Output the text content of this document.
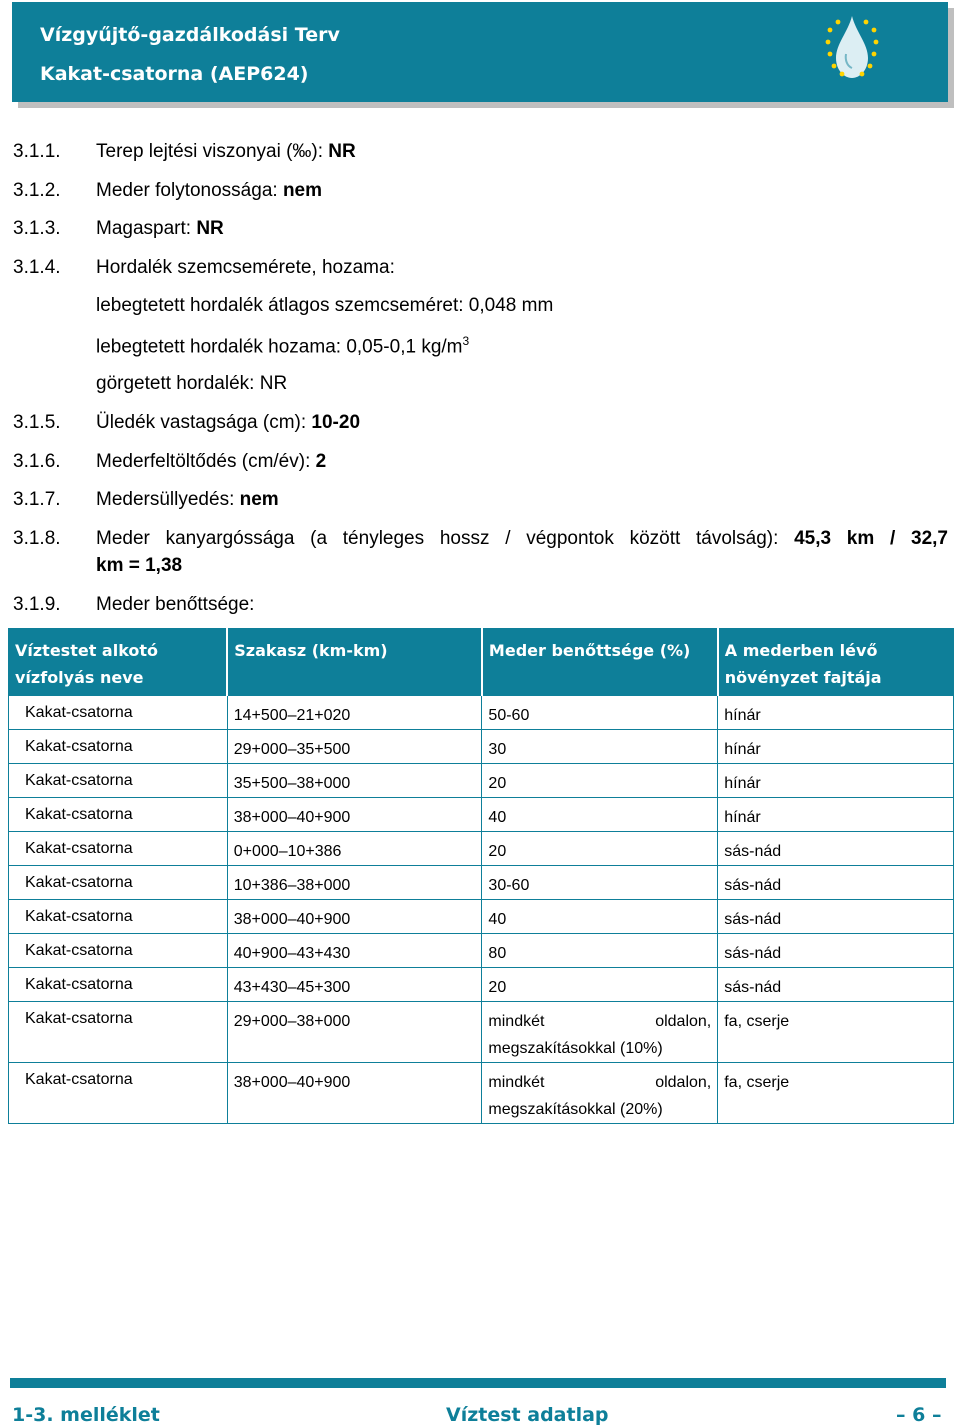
Vízgyűjtő-gazdálkodási Terv
Kakat-csatorna (AEP624)
3.1.1. Terep lejtési viszonyai (‰): NR
3.1.2. Meder folytonossága: nem
3.1.3. Magaspart: NR
3.1.4. Hordalék szemcsemérete, hozama:
lebegtetett hordalék átlagos szemcseméret: 0,048 mm
lebegtetett hordalék hozama: 0,05-0,1 $kg/m^3$
görgetett hordalék: NR
3.1.5. Üledék vastagsága (cm): 10-20
3.1.6. Mederfeltöltődés (cm/év): 2
3.1.7. Medersüllyedés: nem
3.1.8. Meder kanyargóssága (a tényleges hossz / végpontok között távolság): 45,3 km / 32,7
km = 1,38
3.1.9. Meder benőttsége:
Víztestet alkotó vízfolyás neve	Szakasz (km-km)	Meder benőttsége (%)	A mederben lévő növényzet fajtája
Kakat-csatorna	14+500–21+020	50-60	hínár
Kakat-csatorna	29+000–35+500	30	hínár
Kakat-csatorna	35+500–38+000	20	hínár
Kakat-csatorna	38+000–40+900	40	hínár
Kakat-csatorna	0+000–10+386	20	sás-nád
Kakat-csatorna	10+386–38+000	30-60	sás-nád
Kakat-csatorna	38+000–40+900	40	sás-nád
Kakat-csatorna	40+900–43+430	80	sás-nád
Kakat-csatorna	43+430–45+300	20	sás-nád
Kakat-csatorna	29+000–38+000	mindkét oldalon, megszakításokkal (10%)	fa, cserje
Kakat-csatorna	38+000–40+900	mindkét oldalon, megszakításokkal (20%)	fa, cserje
1-3. melléklet	Víztest adatlap	– 6 –
